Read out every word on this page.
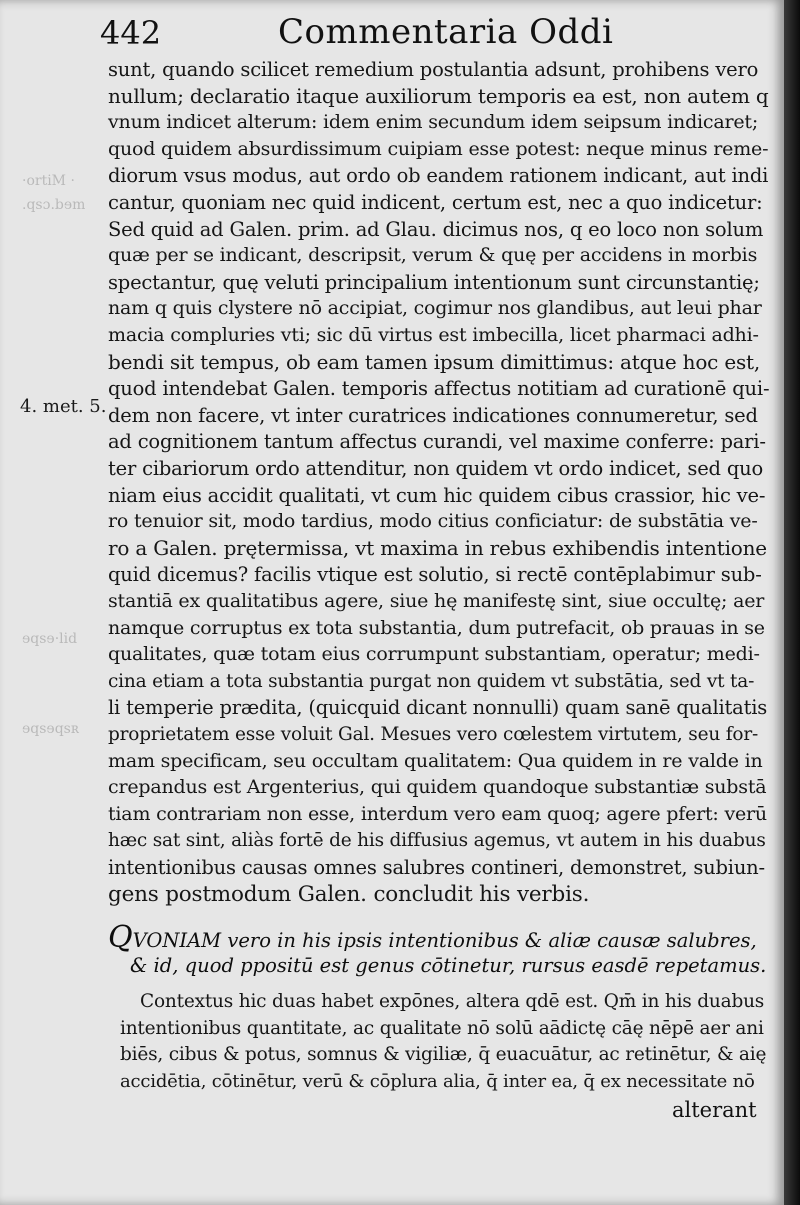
442	Commentaria Oddi
·ortiM ·
.qsɔ.bɘm
ɘqsɘ·lid
ɘqsɘqsʀ
4. met. 5.
sunt, quando scilicet remedium postulantia adsunt, prohibens vero
nullum; declaratio itaque auxiliorum temporis ea est, non autem q
vnum indicet alterum: idem enim secundum idem seipsum indicaret;
quod quidem absurdissimum cuipiam esse potest: neque minus reme-
diorum vsus modus, aut ordo ob eandem rationem indicant, aut indi
cantur, quoniam nec quid indicent, certum est, nec a quo indicetur:
Sed quid ad Galen. prim. ad Glau. dicimus nos, q eo loco non solum
quæ per se indicant, descripsit, verum & quę per accidens in morbis
spectantur, quę veluti principalium intentionum sunt circunstantię;
nam q quis clystere nō accipiat, cogimur nos glandibus, aut leui phar
macia compluries vti; sic dū virtus est imbecilla, licet pharmaci adhi-
bendi sit tempus, ob eam tamen ipsum dimittimus: atque hoc est,
quod intendebat Galen. temporis affectus notitiam ad curationē qui-
dem non facere, vt inter curatrices indicationes connumeretur, sed
ad cognitionem tantum affectus curandi, vel maxime conferre: pari-
ter cibariorum ordo attenditur, non quidem vt ordo indicet, sed quo
niam eius accidit qualitati, vt cum hic quidem cibus crassior, hic ve-
ro tenuior sit, modo tardius, modo citius conficiatur: de substātia ve-
ro a Galen. prętermissa, vt maxima in rebus exhibendis intentione
quid dicemus? facilis vtique est solutio, si rectē contēplabimur sub-
stantiā ex qualitatibus agere, siue hę manifestę sint, siue occultę; aer
namque corruptus ex tota substantia, dum putrefacit, ob prauas in se
qualitates, quæ totam eius corrumpunt substantiam, operatur; medi-
cina etiam a tota substantia purgat non quidem vt substātia, sed vt ta-
li temperie prædita, (quicquid dicant nonnulli) quam sanē qualitatis
proprietatem esse voluit Gal. Mesues vero cœlestem virtutem, seu for-
mam specificam, seu occultam qualitatem: Qua quidem in re valde in
crepandus est Argenterius, qui quidem quandoque substantiæ substā
tiam contrariam non esse, interdum vero eam quoq; agere pfert: verū
hæc sat sint, aliàs fortē de his diffusius agemus, vt autem in his duabus
intentionibus causas omnes salubres contineri, demonstret, subiun-
gens postmodum Galen. concludit his verbis.
QVONIAM vero in his ipsis intentionibus & aliæ causæ salubres,
& id, quod ppositū est genus cōtinetur, rursus easdē repetamus.
Contextus hic duas habet expōnes, altera qdē est. Qm̄ in his duabus
intentionibus quantitate, ac qualitate nō solū aādictę cāę nēpē aer ani
biēs, cibus & potus, somnus & vigiliæ, q̄ euacuātur, ac retinētur, & aię
accidētia, cōtinētur, verū & cōplura alia, q̄ inter ea, q̄ ex necessitate nō
alterant
